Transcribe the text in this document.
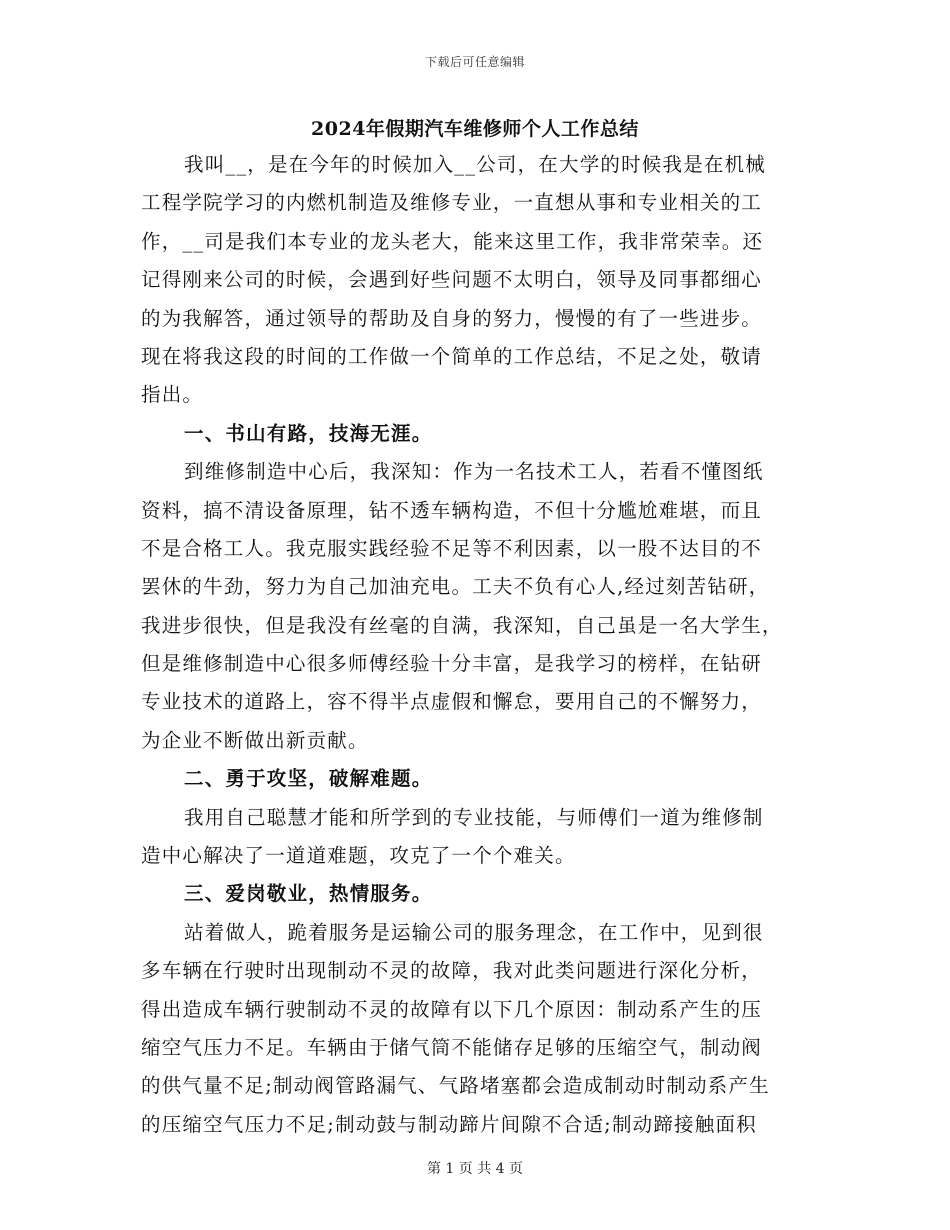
下载后可任意编辑
2024年假期汽车维修师个人工作总结
我叫__，是在今年的时候加入__公司，在大学的时候我是在机械
工程学院学习的内燃机制造及维修专业，一直想从事和专业相关的工
作，__司是我们本专业的龙头老大，能来这里工作，我非常荣幸。还
记得刚来公司的时候，会遇到好些问题不太明白，领导及同事都细心
的为我解答，通过领导的帮助及自身的努力，慢慢的有了一些进步。
现在将我这段的时间的工作做一个简单的工作总结，不足之处，敬请
指出。
一、书山有路，技海无涯。
到维修制造中心后，我深知：作为一名技术工人，若看不懂图纸
资料，搞不清设备原理，钻不透车辆构造，不但十分尴尬难堪，而且
不是合格工人。我克服实践经验不足等不利因素，以一股不达目的不
罢休的牛劲，努力为自己加油充电。工夫不负有心人,经过刻苦钻研，
我进步很快，但是我没有丝毫的自满，我深知，自己虽是一名大学生，
但是维修制造中心很多师傅经验十分丰富，是我学习的榜样，在钻研
专业技术的道路上，容不得半点虚假和懈怠，要用自己的不懈努力，
为企业不断做出新贡献。
二、勇于攻坚，破解难题。
我用自己聪慧才能和所学到的专业技能，与师傅们一道为维修制
造中心解决了一道道难题，攻克了一个个难关。
三、爱岗敬业，热情服务。
站着做人，跪着服务是运输公司的服务理念，在工作中，见到很
多车辆在行驶时出现制动不灵的故障，我对此类问题进行深化分析，
得出造成车辆行驶制动不灵的故障有以下几个原因：制动系产生的压
缩空气压力不足。车辆由于储气筒不能储存足够的压缩空气，制动阀
的供气量不足;制动阀管路漏气、气路堵塞都会造成制动时制动系产生
的压缩空气压力不足;制动鼓与制动蹄片间隙不合适;制动蹄接触面积
第 1 页 共 4 页
